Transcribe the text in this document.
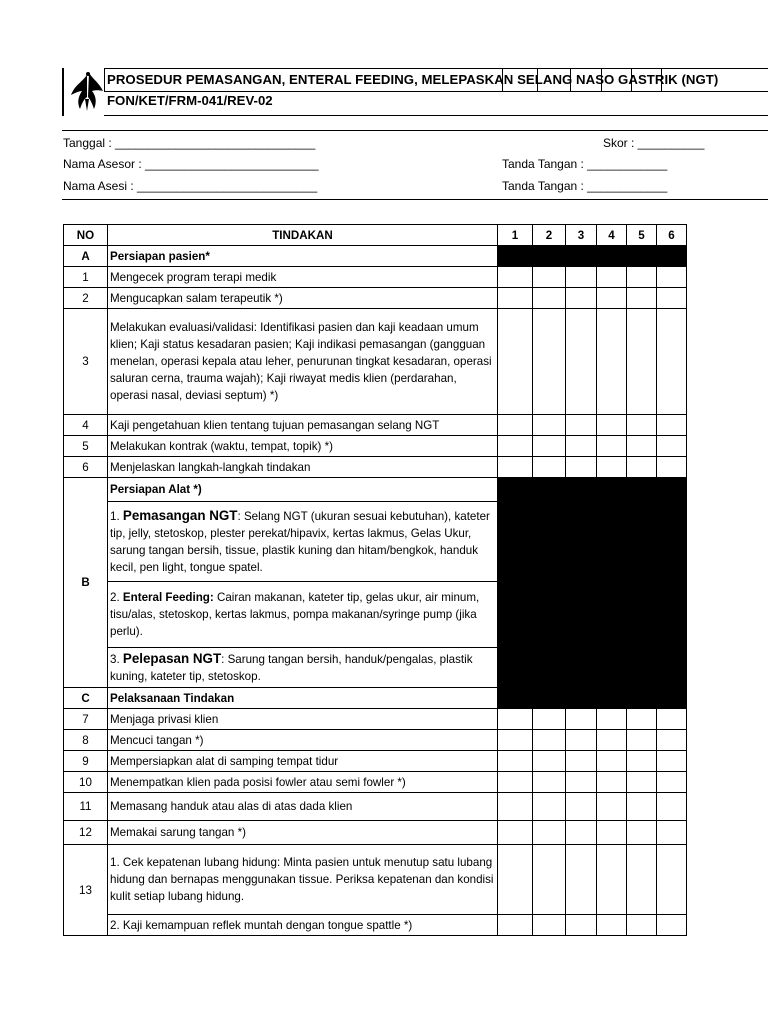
PROSEDUR PEMASANGAN, ENTERAL FEEDING, MELEPASKAN SELANG NASO GASTRIK (NGT)
FON/KET/FRM-041/REV-02
Tanggal : ______________________________	Skor : __________
Nama Asesor : __________________________	Tanda Tangan : ____________
Nama Asesi : ___________________________	Tanda Tangan : ____________
NO	TINDAKAN	1	2	3	4	5	6
A	Persiapan pasien*						
1	Mengecek program terapi medik						
2	Mengucapkan salam terapeutik *)						
3	Melakukan evaluasi/validasi: Identifikasi pasien dan kaji keadaan umum klien; Kaji status kesadaran pasien; Kaji indikasi pemasangan (gangguan menelan, operasi kepala atau leher, penurunan tingkat kesadaran, operasi saluran cerna, trauma wajah); Kaji riwayat medis klien (perdarahan, operasi nasal, deviasi septum) *)						
4	Kaji pengetahuan klien tentang tujuan pemasangan selang NGT						
5	Melakukan kontrak (waktu, tempat, topik) *)						
6	Menjelaskan langkah-langkah tindakan						
B	Persiapan Alat *)						
	1. Pemasangan NGT: Selang NGT (ukuran sesuai kebutuhan), kateter tip, jelly, stetoskop, plester perekat/hipavix, kertas lakmus, Gelas Ukur, sarung tangan bersih, tissue, plastik kuning dan hitam/bengkok, handuk kecil, pen light, tongue spatel.						
	2. Enteral Feeding: Cairan makanan, kateter tip, gelas ukur, air minum, tisu/alas, stetoskop, kertas lakmus, pompa makanan/syringe pump (jika perlu).						
	3. Pelepasan NGT: Sarung tangan bersih, handuk/pengalas, plastik kuning, kateter tip, stetoskop.						
C	Pelaksanaan Tindakan						
7	Menjaga privasi klien						
8	Mencuci tangan *)						
9	Mempersiapkan alat di samping tempat tidur						
10	Menempatkan klien pada posisi fowler atau semi fowler *)						
11	Memasang handuk atau alas di atas dada klien						
12	Memakai sarung tangan *)						
13	1. Cek kepatenan lubang hidung: Minta pasien untuk menutup satu lubang hidung dan bernapas menggunakan tissue. Periksa kepatenan dan kondisi kulit setiap lubang hidung.						
	2. Kaji kemampuan reflek muntah dengan tongue spattle *)						
